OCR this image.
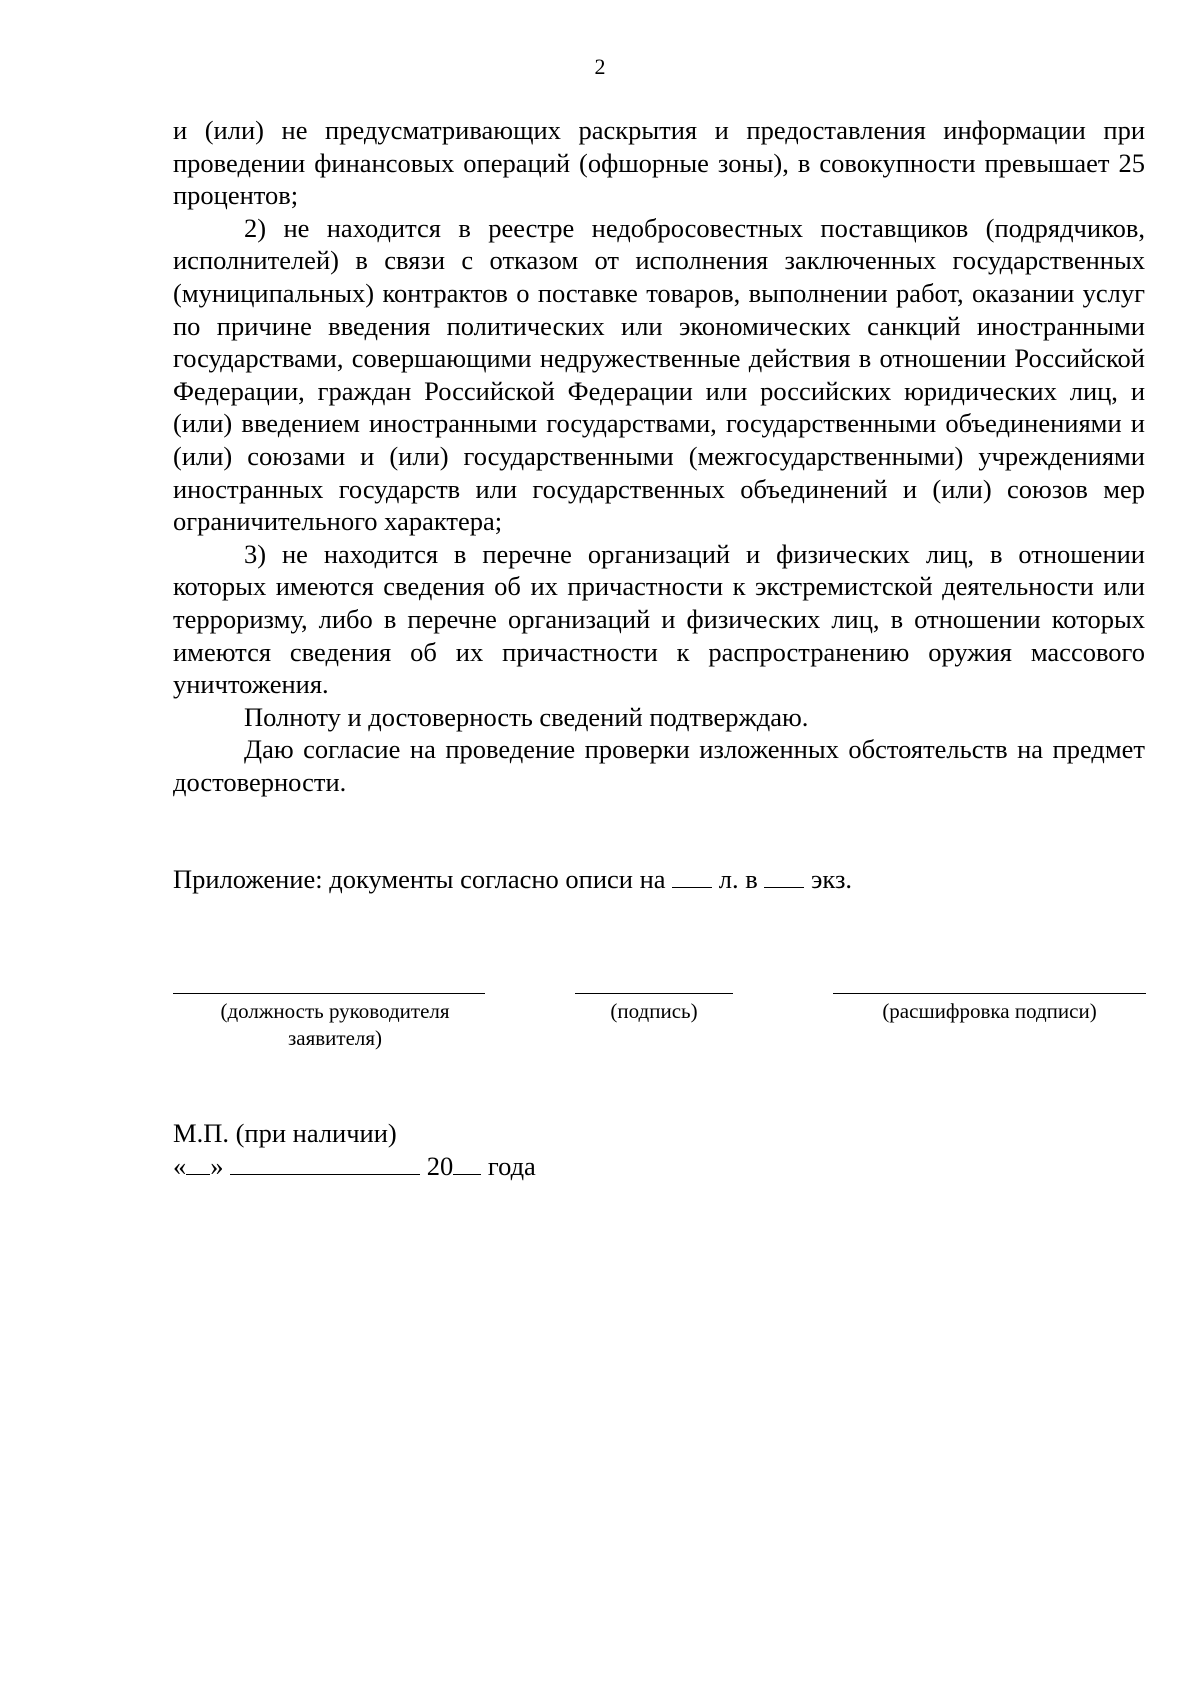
2

и (или) не предусматривающих раскрытия и предоставления информации при проведении финансовых операций (офшорные зоны), в совокупности превышает 25 процентов;

2) не находится в реестре недобросовестных поставщиков (подрядчиков, исполнителей) в связи с отказом от исполнения заключенных государственных (муниципальных) контрактов о поставке товаров, выполнении работ, оказании услуг по причине введения политических или экономических санкций иностранными государствами, совершающими недружественные действия в отношении Российской Федерации, граждан Российской Федерации или российских юридических лиц, и (или) введением иностранными государствами, государственными объединениями и (или) союзами и (или) государственными (межгосударственными) учреждениями иностранных государств или государственных объединений и (или) союзов мер ограничительного характера;

3) не находится в перечне организаций и физических лиц, в отношении которых имеются сведения об их причастности к экстремистской деятельности или терроризму, либо в перечне организаций и физических лиц, в отношении которых имеются сведения об их причастности к распространению оружия массового уничтожения.

Полноту и достоверность сведений подтверждаю.

Даю согласие на проведение проверки изложенных обстоятельств на предмет достоверности.

Приложение: документы согласно описи на л. в экз.
(должность руководителя заявителя)
(подпись)	(расшифровка подписи)
М.П. (при наличии)
« »	20 года
